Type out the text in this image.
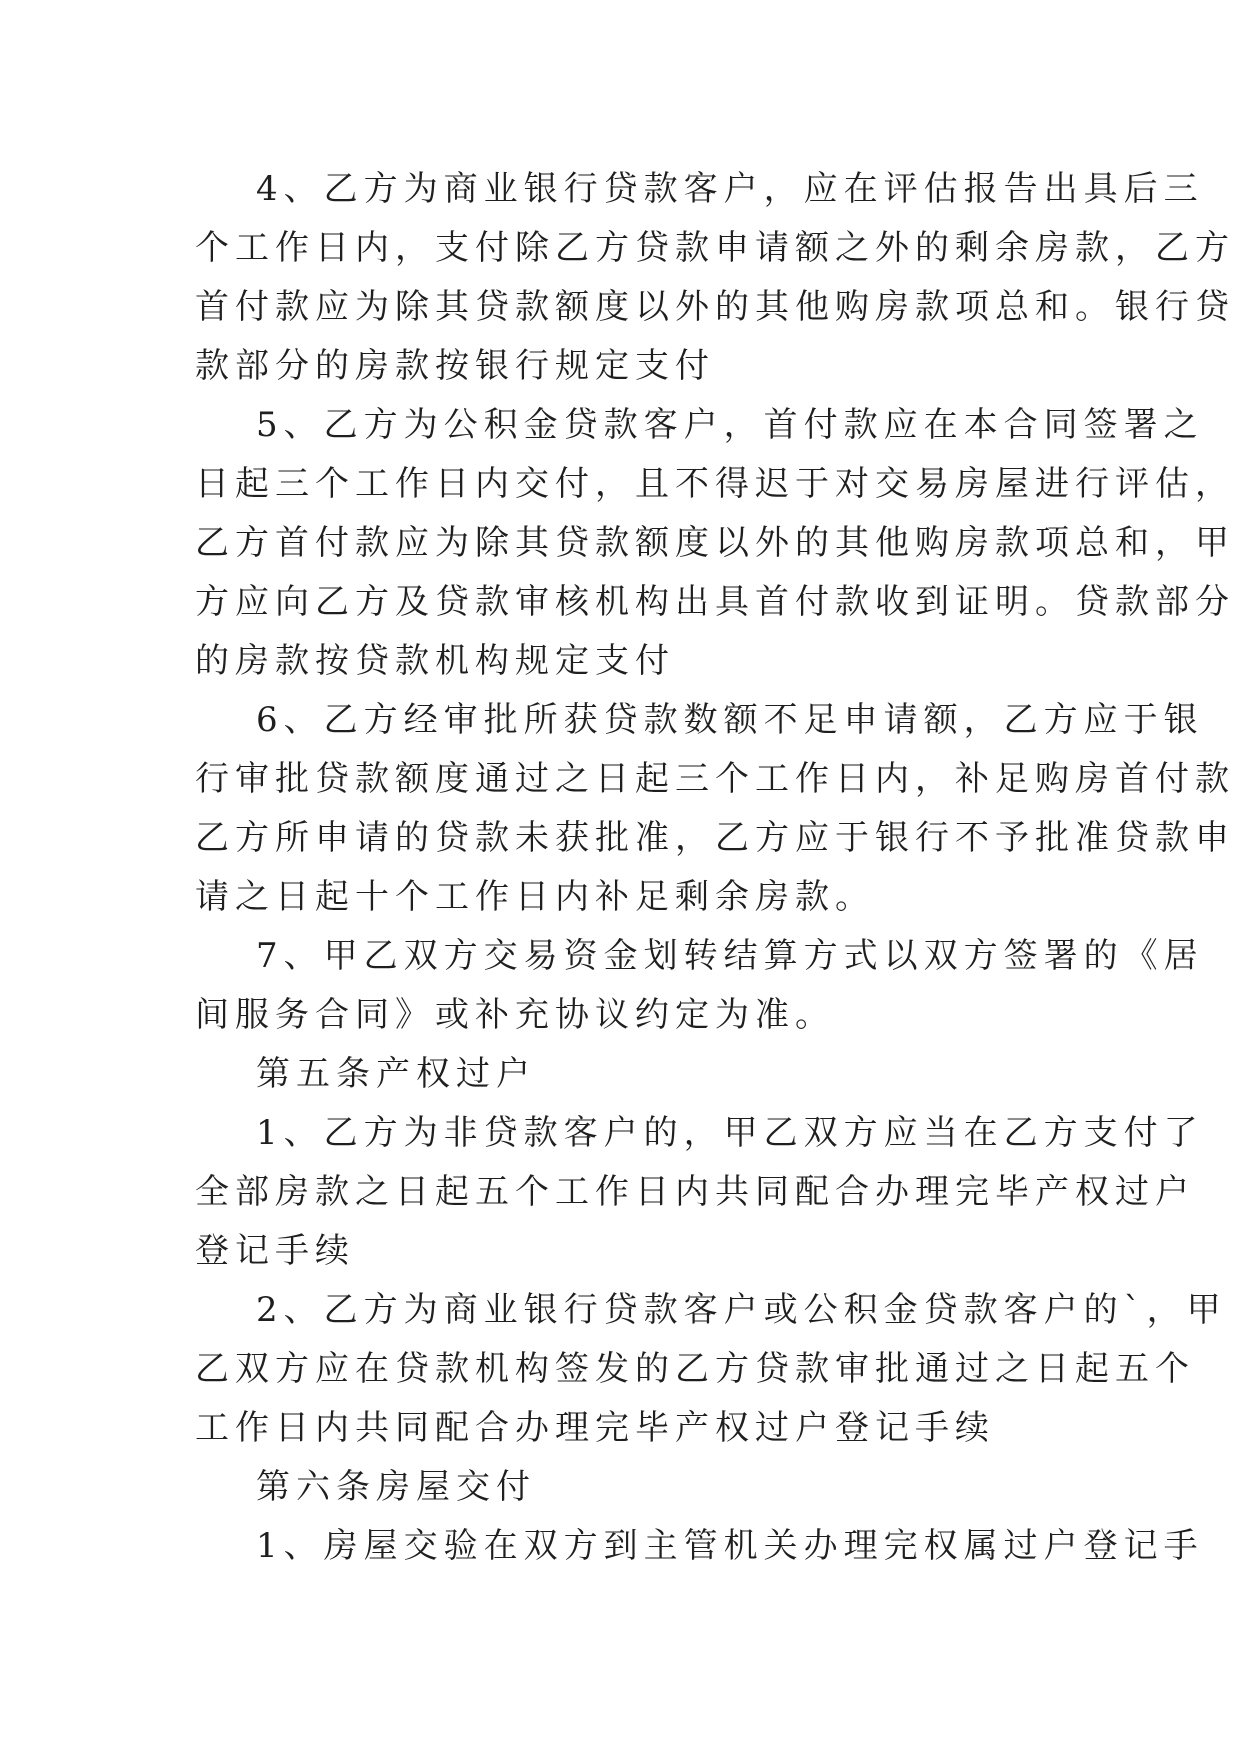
4、乙方为商业银行贷款客户，应在评估报告出具后三
个工作日内，支付除乙方贷款申请额之外的剩余房款，乙方
首付款应为除其贷款额度以外的其他购房款项总和。银行贷
款部分的房款按银行规定支付
5、乙方为公积金贷款客户，首付款应在本合同签署之
日起三个工作日内交付，且不得迟于对交易房屋进行评估，
乙方首付款应为除其贷款额度以外的其他购房款项总和，甲
方应向乙方及贷款审核机构出具首付款收到证明。贷款部分
的房款按贷款机构规定支付
6、乙方经审批所获贷款数额不足申请额，乙方应于银
行审批贷款额度通过之日起三个工作日内，补足购房首付款
乙方所申请的贷款未获批准，乙方应于银行不予批准贷款申
请之日起十个工作日内补足剩余房款。
7、甲乙双方交易资金划转结算方式以双方签署的《居
间服务合同》或补充协议约定为准。
第五条产权过户
1、乙方为非贷款客户的，甲乙双方应当在乙方支付了
全部房款之日起五个工作日内共同配合办理完毕产权过户
登记手续
2、乙方为商业银行贷款客户或公积金贷款客户的`，甲
乙双方应在贷款机构签发的乙方贷款审批通过之日起五个
工作日内共同配合办理完毕产权过户登记手续
第六条房屋交付
1、房屋交验在双方到主管机关办理完权属过户登记手
